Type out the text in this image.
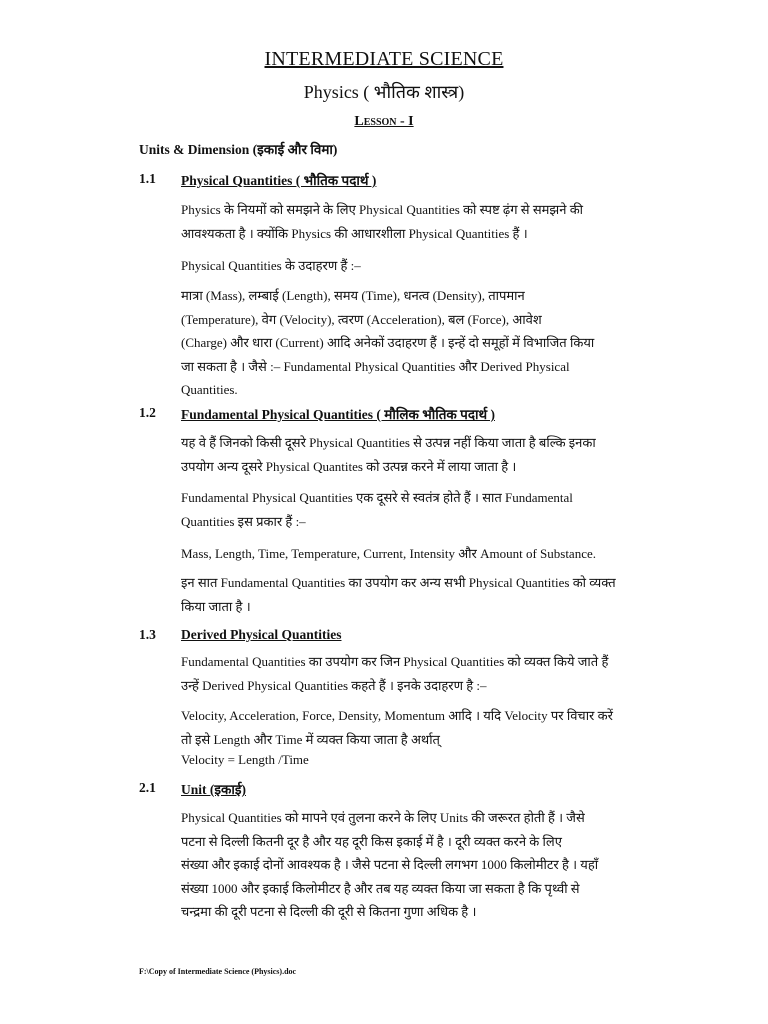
INTERMEDIATE SCIENCE
Physics ( भौतिक शास्त्र)
Lesson - I
Units & Dimension (इकाई और विमा)
1.1 Physical Quantities ( भौतिक पदार्थ )
Physics के नियमों को समझने के लिए Physical Quantities को स्पष्ट ढ़ंग से समझने की
आवश्यकता है । क्योंकि Physics की आधारशीला Physical Quantities हैं ।
Physical Quantities के उदाहरण हैं :–
मात्रा (Mass), लम्बाई (Length), समय (Time), धनत्व (Density), तापमान
(Temperature), वेग (Velocity), त्वरण (Acceleration), बल (Force), आवेश
(Charge) और धारा (Current) आदि अनेकों उदाहरण हैं । इन्हें दो समूहों में विभाजित किया
जा सकता है । जैसे :– Fundamental Physical Quantities और Derived Physical
Quantities.
1.2 Fundamental Physical Quantities ( मौलिक भौतिक पदार्थ )
यह वे हैं जिनको किसी दूसरे Physical Quantities से उत्पन्न नहीं किया जाता है बल्कि इनका
उपयोग अन्य दूसरे Physical Quantites को उत्पन्न करने में लाया जाता है ।
Fundamental Physical Quantities एक दूसरे से स्वतंत्र होते हैं । सात Fundamental
Quantities इस प्रकार हैं :–
Mass, Length, Time, Temperature, Current, Intensity और Amount of Substance.
इन सात Fundamental Quantities का उपयोग कर अन्य सभी Physical Quantities को व्यक्त
किया जाता है ।
1.3 Derived Physical Quantities
Fundamental Quantities का उपयोग कर जिन Physical Quantities को व्यक्त किये जाते हैं
उन्हें Derived Physical Quantities कहते हैं । इनके उदाहरण है :–
Velocity, Acceleration, Force, Density, Momentum आदि । यदि Velocity पर विचार करें
तो इसे Length और Time में व्यक्त किया जाता है अर्थात्
Velocity = Length /Time
2.1 Unit (इकाई)
Physical Quantities को मापने एवं तुलना करने के लिए Units की जरूरत होती हैं । जैसे
पटना से दिल्ली कितनी दूर है और यह दूरी किस इकाई में है । दूरी व्यक्त करने के लिए
संख्या और इकाई दोनों आवश्यक है । जैसे पटना से दिल्ली लगभग 1000 किलोमीटर है । यहाँ
संख्या 1000 और इकाई किलोमीटर है और तब यह व्यक्त किया जा सकता है कि पृथ्वी से
चन्द्रमा की दूरी पटना से दिल्ली की दूरी से कितना गुणा अधिक है ।
F:\Copy of Intermediate Science (Physics).doc
